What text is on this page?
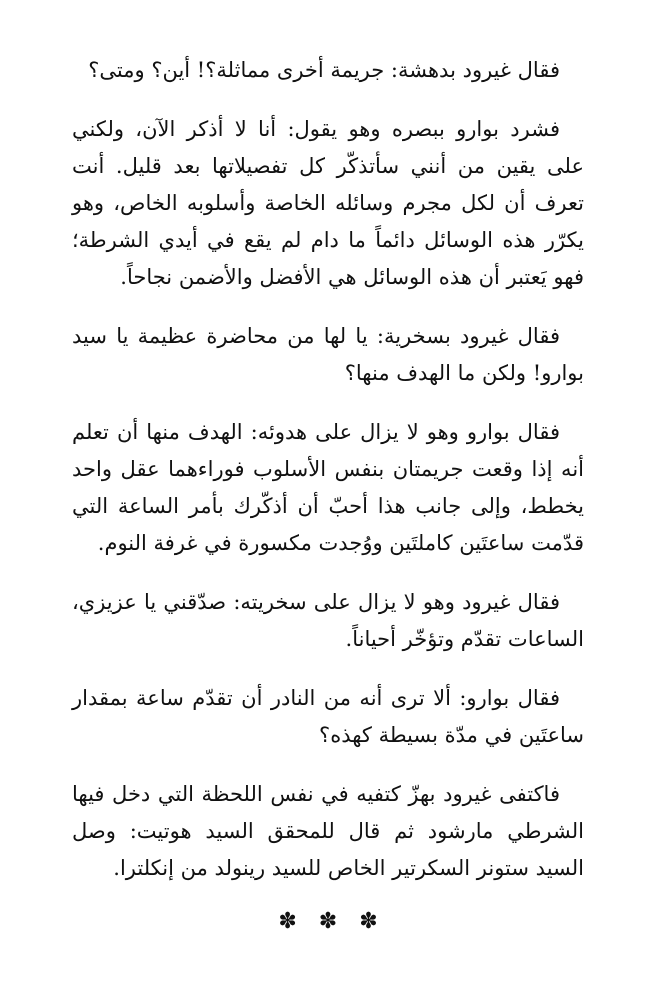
فقال غيرود بدهشة: جريمة أخرى مماثلة؟! أين؟ ومتى؟

فشرد بوارو ببصره وهو يقول: أنا لا أذكر الآن، ولكني على يقين من أنني سأتذكّر كل تفصيلاتها بعد قليل. أنت تعرف أن لكل مجرم وسائله الخاصة وأسلوبه الخاص، وهو يكرّر هذه الوسائل دائماً ما دام لم يقع في أيدي الشرطة؛ فهو يَعتبر أن هذه الوسائل هي الأفضل والأضمن نجاحاً.

فقال غيرود بسخرية: يا لها من محاضرة عظيمة يا سيد بوارو! ولكن ما الهدف منها؟

فقال بوارو وهو لا يزال على هدوئه: الهدف منها أن تعلم أنه إذا وقعت جريمتان بنفس الأسلوب فوراءهما عقل واحد يخطط، وإلى جانب هذا أحبّ أن أذكّرك بأمر الساعة التي قدّمت ساعتَين كاملتَين ووُجدت مكسورة في غرفة النوم.

فقال غيرود وهو لا يزال على سخريته: صدّقني يا عزيزي، الساعات تقدّم وتؤخّر أحياناً.

فقال بوارو: ألا ترى أنه من النادر أن تقدّم ساعة بمقدار ساعتَين في مدّة بسيطة كهذه؟

فاكتفى غيرود بهزّ كتفيه في نفس اللحظة التي دخل فيها الشرطي مارشود ثم قال للمحقق السيد هوتيت: وصل السيد ستونر السكرتير الخاص للسيد رينولد من إنكلترا.

✽✽✽
